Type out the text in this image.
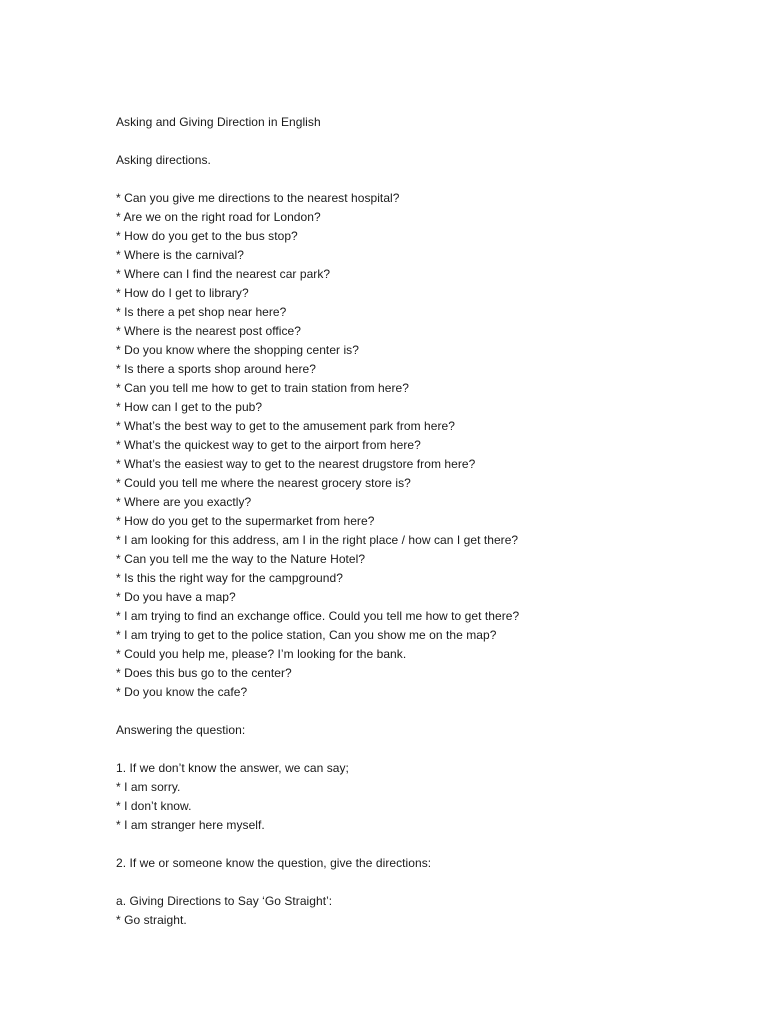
Asking and Giving Direction in English
Asking directions.
* Can you give me directions to the nearest hospital?
* Are we on the right road for London?
* How do you get to the bus stop?
* Where is the carnival?
* Where can I find the nearest car park?
* How do I get to library?
* Is there a pet shop near here?
* Where is the nearest post office?
* Do you know where the shopping center is?
* Is there a sports shop around here?
* Can you tell me how to get to train station from here?
* How can I get to the pub?
* What’s the best way to get to the amusement park from here?
* What’s the quickest way to get to the airport from here?
* What’s the easiest way to get to the nearest drugstore from here?
* Could you tell me where the nearest grocery store is?
* Where are you exactly?
* How do you get to the supermarket from here?
* I am looking for this address, am I in the right place / how can I get there?
* Can you tell me the way to the Nature Hotel?
* Is this the right way for the campground?
* Do you have a map?
* I am trying to find an exchange office. Could you tell me how to get there?
* I am trying to get to the police station, Can you show me on the map?
* Could you help me, please? I’m looking for the bank.
* Does this bus go to the center?
* Do you know the cafe?
Answering the question:
1. If we don’t know the answer, we can say;
* I am sorry.
* I don’t know.
* I am stranger here myself.
2. If we or someone know the question, give the directions:
a. Giving Directions to Say ‘Go Straight’:
* Go straight.
